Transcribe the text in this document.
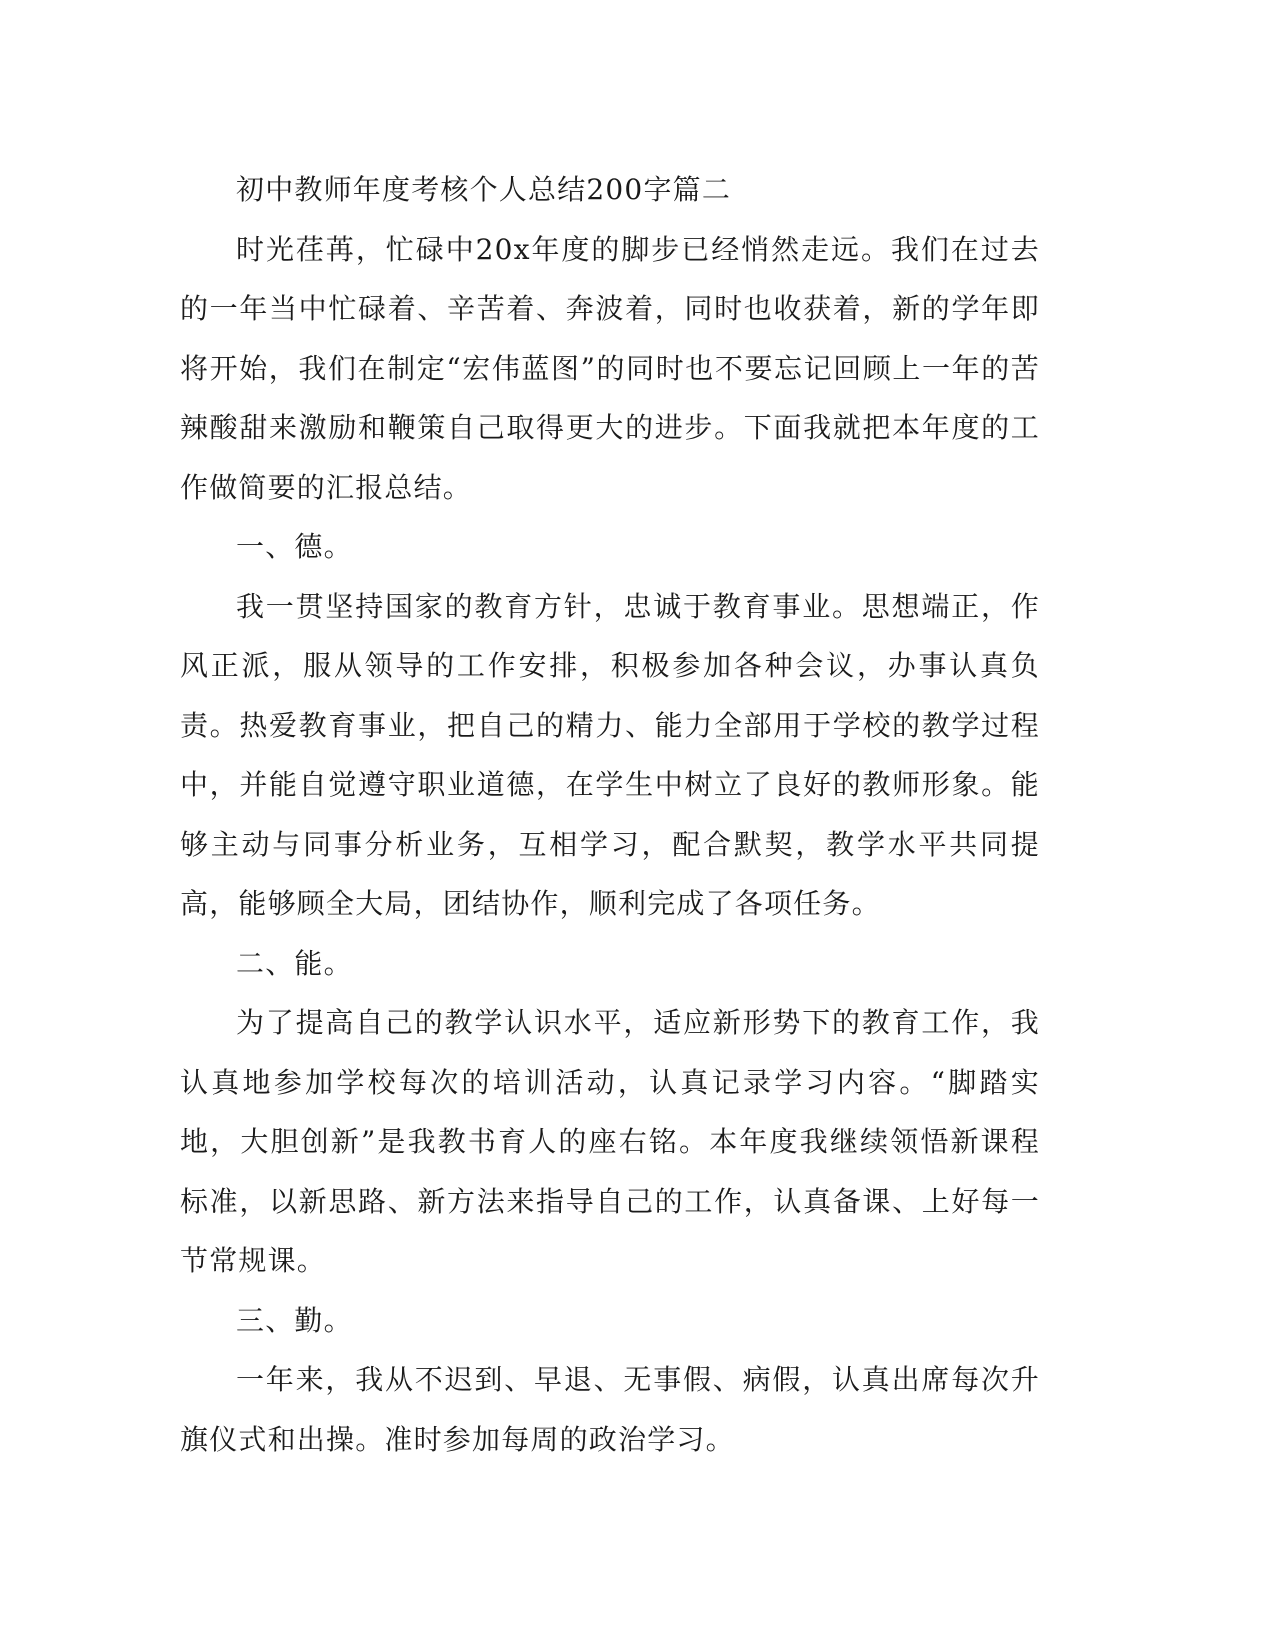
初中教师年度考核个人总结200字篇二

时光荏苒，忙碌中20x年度的脚步已经悄然走远。我们在过去的一年当中忙碌着、辛苦着、奔波着，同时也收获着，新的学年即将开始，我们在制定“宏伟蓝图”的同时也不要忘记回顾上一年的苦辣酸甜来激励和鞭策自己取得更大的进步。下面我就把本年度的工作做简要的汇报总结。

一、德。

我一贯坚持国家的教育方针，忠诚于教育事业。思想端正，作风正派，服从领导的工作安排，积极参加各种会议，办事认真负责。热爱教育事业，把自己的精力、能力全部用于学校的教学过程中，并能自觉遵守职业道德，在学生中树立了良好的教师形象。能够主动与同事分析业务，互相学习，配合默契，教学水平共同提高，能够顾全大局，团结协作，顺利完成了各项任务。

二、能。

为了提高自己的教学认识水平，适应新形势下的教育工作，我认真地参加学校每次的培训活动，认真记录学习内容。“脚踏实地，大胆创新”是我教书育人的座右铭。本年度我继续领悟新课程标准，以新思路、新方法来指导自己的工作，认真备课、上好每一节常规课。

三、勤。

一年来，我从不迟到、早退、无事假、病假，认真出席每次升旗仪式和出操。准时参加每周的政治学习。
